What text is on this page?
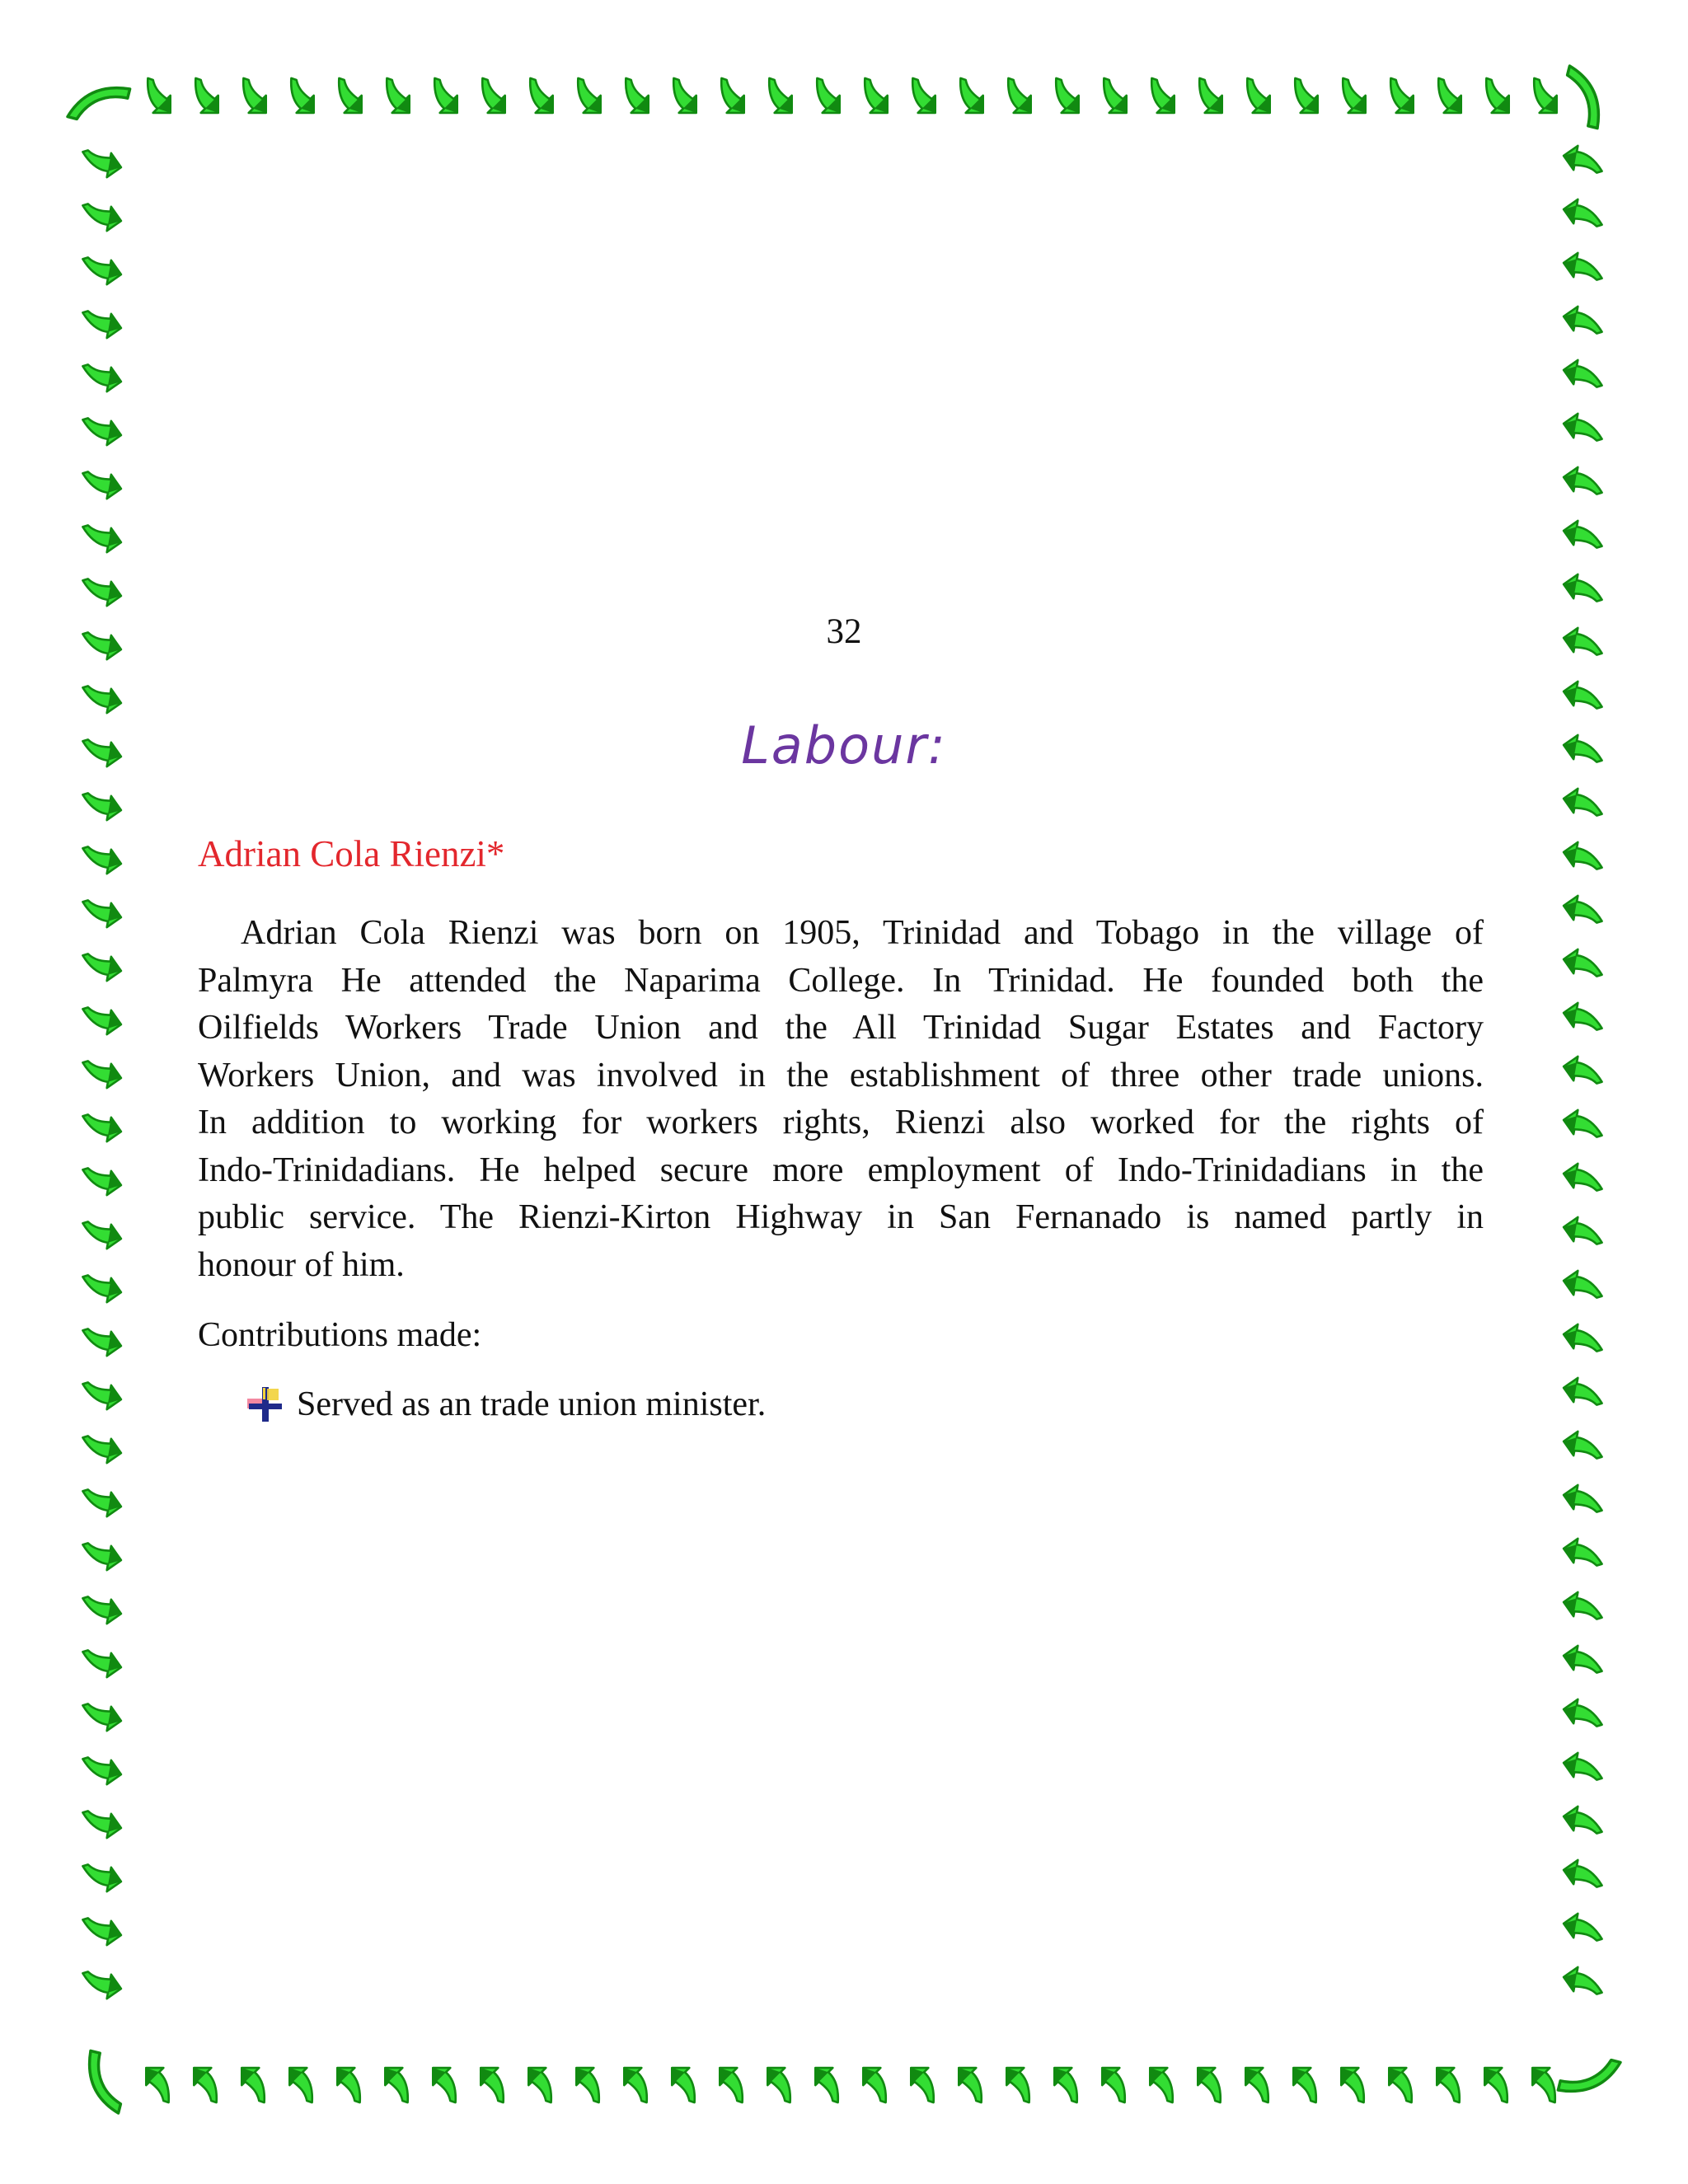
32
Labour:
Adrian Cola Rienzi*
Adrian Cola Rienzi was born on 1905, Trinidad and Tobago in the village of
Palmyra He attended the Naparima College. In Trinidad. He founded both the
Oilfields Workers Trade Union and the All Trinidad Sugar Estates and Factory
Workers Union, and was involved in the establishment of three other trade unions.
In addition to working for workers rights, Rienzi also worked for the rights of
Indo-Trinidadians. He helped secure more employment of Indo-Trinidadians in the
public service. The Rienzi-Kirton Highway in San Fernanado is named partly in
honour of him.
Contributions made:
Served as an trade union minister.
